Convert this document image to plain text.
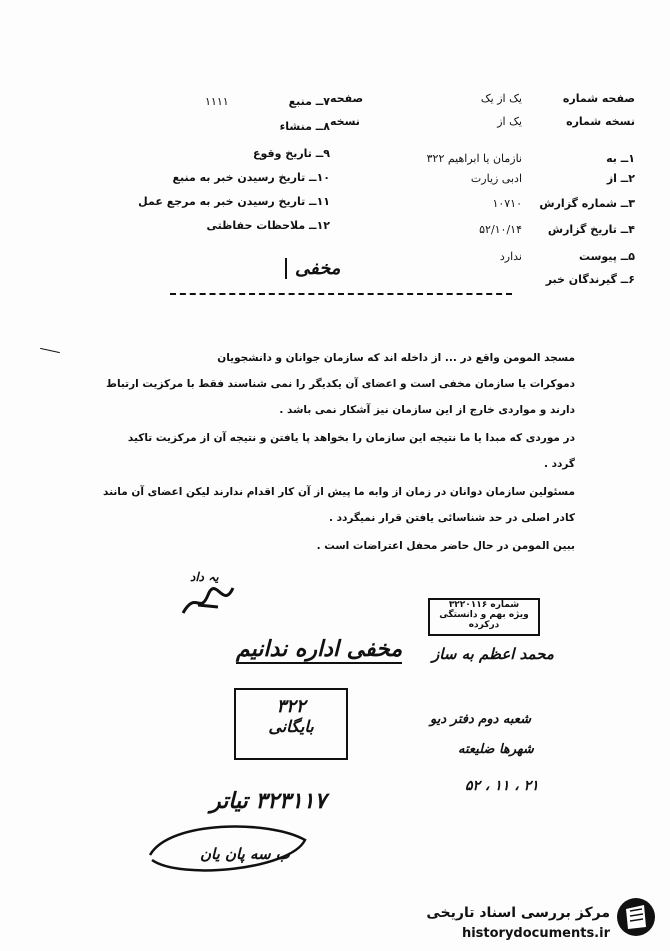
صفحه شماره
یک از یک
نسخه شماره
یک از
۱ــ به
نازمان یا ابراهیم ۳۲۲
۲ــ از
ادبی زیارت
۳ــ شماره گزارش
۱۰۷۱۰
۴ــ تاریخ گزارش
۵۲/۱۰/۱۴
۵ــ پیوست
ندارد
۶ــ گیرندگان خبر
صفحه
نسخه
۷ــ منبع
۱۱۱۱
۸ــ منشاء
۹ــ تاریخ وقوع
۱۰ــ تاریخ رسیدن خبر به منبع
۱۱ــ تاریخ رسیدن خبر به مرجع عمل
۱۲ــ ملاحظات حفاظتی
مخفی
مسجد المومن واقع در ... از داخله اند که سازمان جوانان و دانشجویان
دموکرات یا سازمان مخفی است و اعضای آن یکدیگر را نمی شناسند فقط با مرکزیت ارتباط
دارند و مواردی خارج از این سازمان نیز آشکار نمی باشد .
در موردی که مبدا یا ما نتیجه این سازمان را بخواهد پا یافتن و نتیجه آن از مرکزیت تاکید
گردد .
مسئولین سازمان دوانان در زمان از وابه ما پیش از آن کار اقدام ندارند لیکن اعضای آن مانند
کادر اصلی در حد شناسائی یافتن قرار نمیگردد .
ببین المومن در حال حاضر محفل اعتراضات است .
یہ داد
شماره ۳۲۲۰۱۱۶
ویژه بهم و دانستگی درکرده
محمد اعظم به ساز
مخفی اداره ندانیم
۳۲۲
بایگانی	شعبه دوم دفتر دیو
شهرها ضلیعته
۵۲ ، ۱۱ ، ۲۱
۳۲۳۱۱۷ تیاتر
ب سه پان یان
مرکز بررسی اسناد تاریخی
historydocuments.ir
